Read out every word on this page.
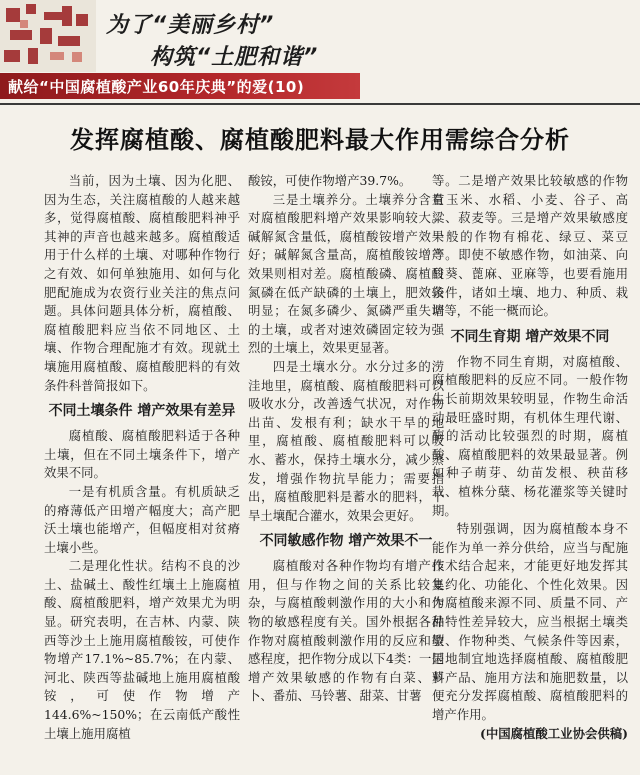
为了“美丽乡村”
构筑“土肥和谐”
献给“中国腐植酸产业60年庆典”的爱(10)
发挥腐植酸、腐植酸肥料最大作用需综合分析

当前，因为土壤、因为化肥、因为生态，关注腐植酸的人越来越多，觉得腐植酸、腐植酸肥料神乎其神的声音也越来越多。腐植酸适用于什么样的土壤、对哪种作物行之有效、如何单独施用、如何与化肥配施成为农资行业关注的焦点问题。具体问题具体分析，腐植酸、腐植酸肥料应当依不同地区、土壤、作物合理配施才有效。现就土壤施用腐植酸、腐植酸肥料的有效条件科普简报如下。

不同土壤条件 增产效果有差异

腐植酸、腐植酸肥料适于各种土壤，但在不同土壤条件下，增产效果不同。

一是有机质含量。有机质缺乏的瘠薄低产田增产幅度大；高产肥沃土壤也能增产，但幅度相对贫瘠土壤小些。

二是理化性状。结构不良的沙土、盐碱土、酸性红壤土上施腐植酸、腐植酸肥料，增产效果尤为明显。研究表明，在吉林、内蒙、陕西等沙土上施用腐植酸铵，可使作物增产17.1%~85.7%；在内蒙、河北、陕西等盐碱地上施用腐植酸铵，可使作物增产144.6%~150%；在云南低产酸性土壤上施用腐植

酸铵，可使作物增产39.7%。

三是土壤养分。土壤养分含量对腐植酸肥料增产效果影响较大。碱解氮含量低，腐植酸铵增产效果好；碱解氮含量高，腐植酸铵增产效果则相对差。腐植酸磷、腐植酸氮磷在低产缺磷的土壤上，肥效较明显；在氮多磷少、氮磷严重失调的土壤，或者对速效磷固定较为强烈的土壤上，效果更显著。

四是土壤水分。水分过多的涝洼地里，腐植酸、腐植酸肥料可以吸收水分，改善透气状况，对作物出苗、发根有利；缺水干旱的地里，腐植酸、腐植酸肥料可以吸水、蓄水，保持土壤水分，减少蒸发，增强作物抗旱能力；需要指出，腐植酸肥料是蓄水的肥料，干旱土壤配合灌水，效果会更好。

不同敏感作物 增产效果不一

腐植酸对各种作物均有增产作用，但与作物之间的关系比较复杂，与腐植酸刺激作用的大小和作物的敏感程度有关。国外根据各种作物对腐植酸刺激作用的反应和敏感程度，把作物分成以下4类：一是增产效果敏感的作物有白菜、萝卜、番茄、马铃薯、甜菜、甘薯

等。二是增产效果比较敏感的作物有玉米、水稻、小麦、谷子、高粱、菽麦等。三是增产效果敏感度一般的作物有棉花、绿豆、菜豆等。即使不敏感作物，如油菜、向日葵、蓖麻、亚麻等，也要看施用条件，诸如土壤、地力、种质、栽培等，不能一概而论。

不同生育期 增产效果不同

作物不同生育期，对腐植酸、腐植酸肥料的反应不同。一般作物生长前期效果较明显，作物生命活动最旺盛时期，有机体生理代谢、酶的活动比较强烈的时期，腐植酸、腐植酸肥料的效果最显著。例如种子萌芽、幼苗发根、秧苗移栽、植株分蘖、杨花灌浆等关键时期。

特别强调，因为腐植酸本身不能作为单一养分供给，应当与配施技术结合起来，才能更好地发挥其集约化、功能化、个性化效果。因为腐植酸来源不同、质量不同、产品特性差异较大，应当根据土壤类型、作物种类、气候条件等因素，因地制宜地选择腐植酸、腐植酸肥料产品、施用方法和施肥数量，以便充分发挥腐植酸、腐植酸肥料的增产作用。

(中国腐植酸工业协会供稿)
